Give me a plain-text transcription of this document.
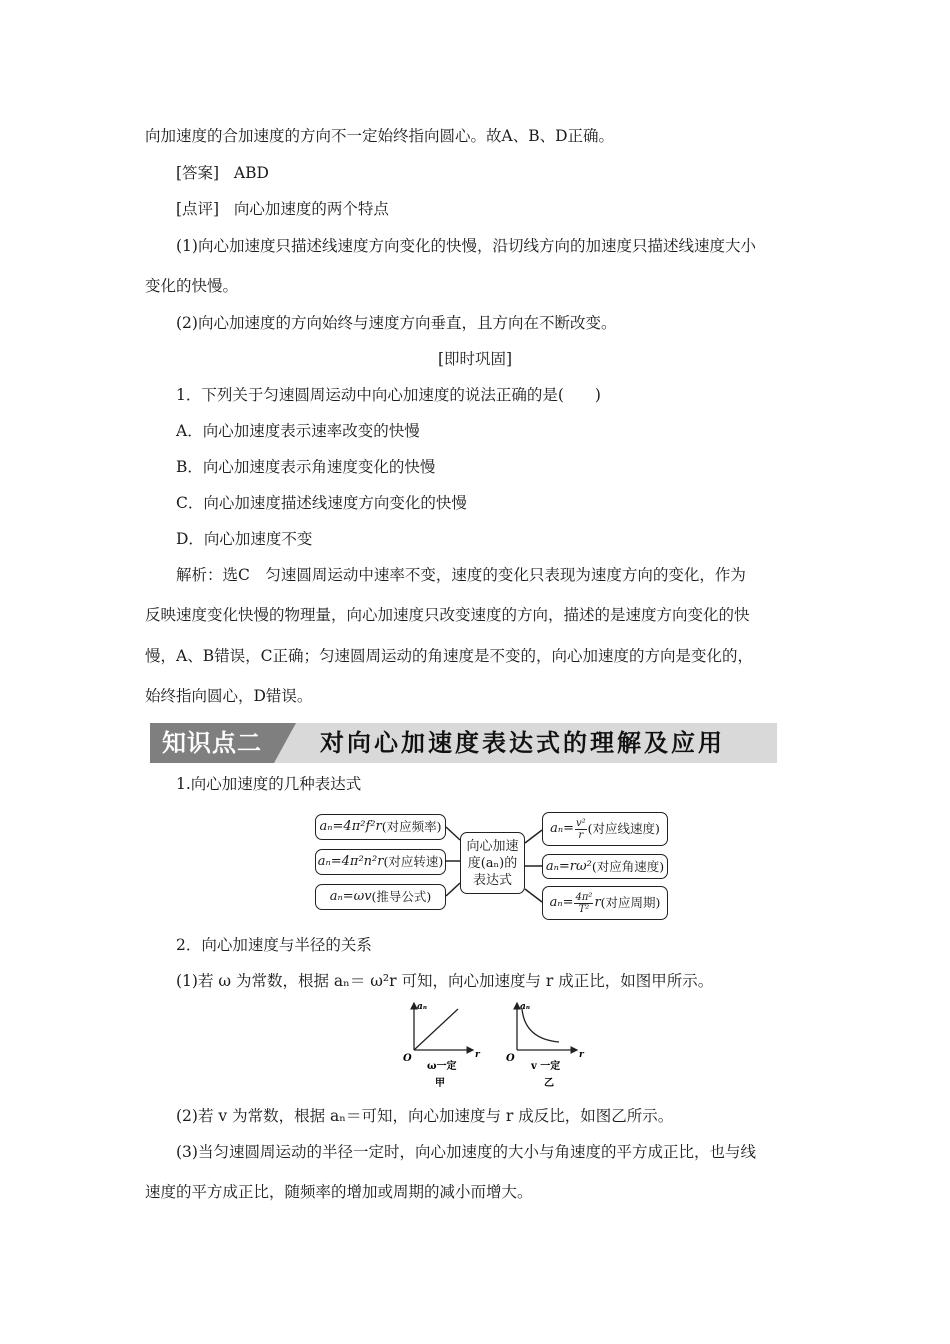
向加速度的合加速度的方向不一定始终指向圆心。故A、B、D正确。
[答案] ABD
[点评] 向心加速度的两个特点
(1)向心加速度只描述线速度方向变化的快慢，沿切线方向的加速度只描述线速度大小
变化的快慢。
(2)向心加速度的方向始终与速度方向垂直，且方向在不断改变。
[即时巩固]
1．下列关于匀速圆周运动中向心加速度的说法正确的是(　　)
A．向心加速度表示速率改变的快慢
B．向心加速度表示角速度变化的快慢
C．向心加速度描述线速度方向变化的快慢
D．向心加速度不变
解析：选C　匀速圆周运动中速率不变，速度的变化只表现为速度方向的变化，作为
反映速度变化快慢的物理量，向心加速度只改变速度的方向，描述的是速度方向变化的快
慢，A、B错误，C正确；匀速圆周运动的角速度是不变的，向心加速度的方向是变化的，
始终指向圆心，D错误。
知识点二	对向心加速度表达式的理解及应用
1.向心加速度的几种表达式
aₙ=4π²f²r (对应频率)
aₙ=4π²n²r (对应转速)
aₙ=ωv (推导公式)
向心加速
度(aₙ)的
表达式
$a_n= \frac{\text{v²}}{r}$ (对应线速度)
aₙ=rω² (对应角速度)
$a_n= \frac{\text{4π²}}{\text{T²}}$ r (对应周期)
2．向心加速度与半径的关系
(1)若 ω 为常数，根据 aₙ＝ ω²r 可知，向心加速度与 r 成正比，如图甲所示。
aₙ
r
O
ω一定
甲
aₙ
r
O
v 一定
乙
(2)若 v 为常数，根据 aₙ＝可知，向心加速度与 r 成反比，如图乙所示。
(3)当匀速圆周运动的半径一定时，向心加速度的大小与角速度的平方成正比，也与线
速度的平方成正比，随频率的增加或周期的减小而增大。
